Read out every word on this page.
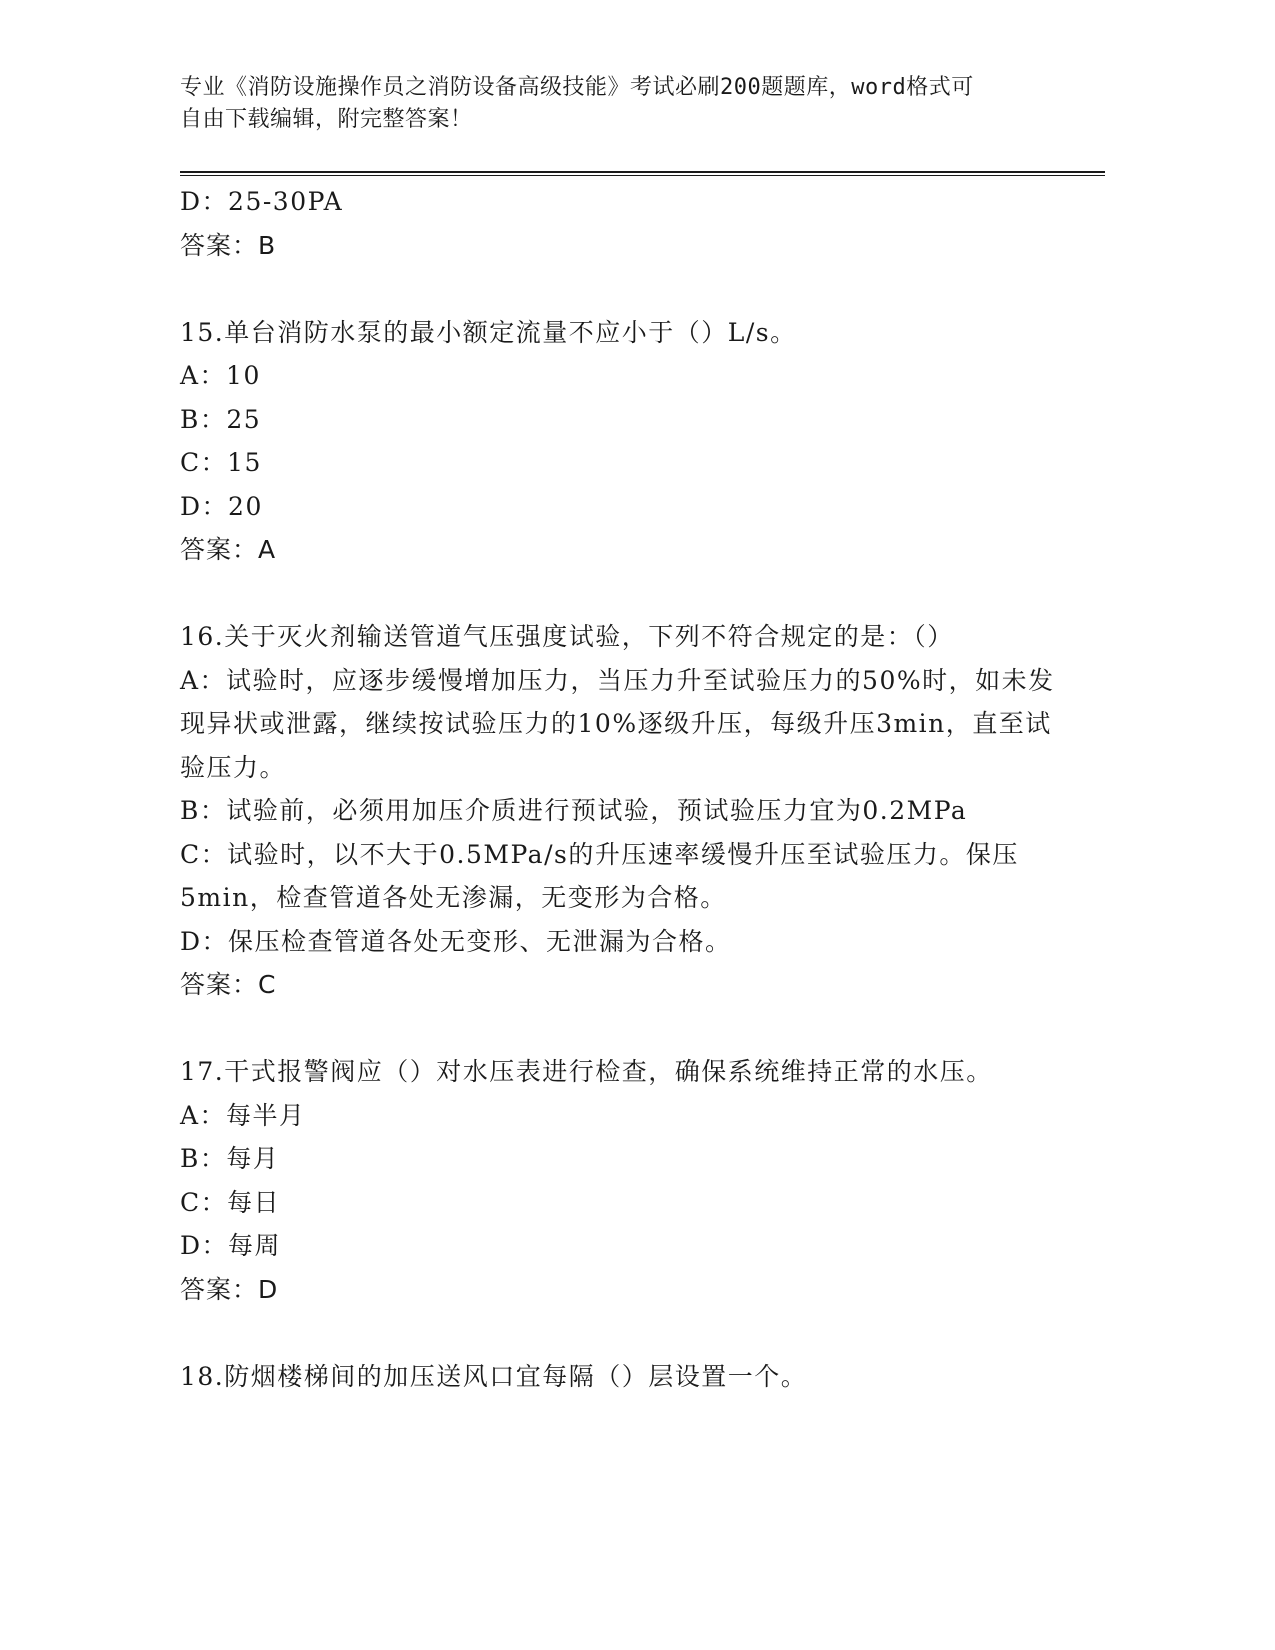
专业《消防设施操作员之消防设备高级技能》考试必刷200题题库，word格式可
自由下载编辑，附完整答案！
D：25-30PA
答案：B
15.单台消防水泵的最小额定流量不应小于（）L/s。
A：10
B：25
C：15
D：20
答案：A
16.关于灭火剂输送管道气压强度试验，下列不符合规定的是：（）
A：试验时，应逐步缓慢增加压力，当压力升至试验压力的50%时，如未发现异状或泄露，继续按试验压力的10%逐级升压，每级升压3min，直至试验压力。
B：试验前，必须用加压介质进行预试验，预试验压力宜为0.2MPa
C：试验时，以不大于0.5MPa/s的升压速率缓慢升压至试验压力。保压5min，检查管道各处无渗漏，无变形为合格。
D：保压检查管道各处无变形、无泄漏为合格。
答案：C
17.干式报警阀应（）对水压表进行检查，确保系统维持正常的水压。
A：每半月
B：每月
C：每日
D：每周
答案：D
18.防烟楼梯间的加压送风口宜每隔（）层设置一个。
